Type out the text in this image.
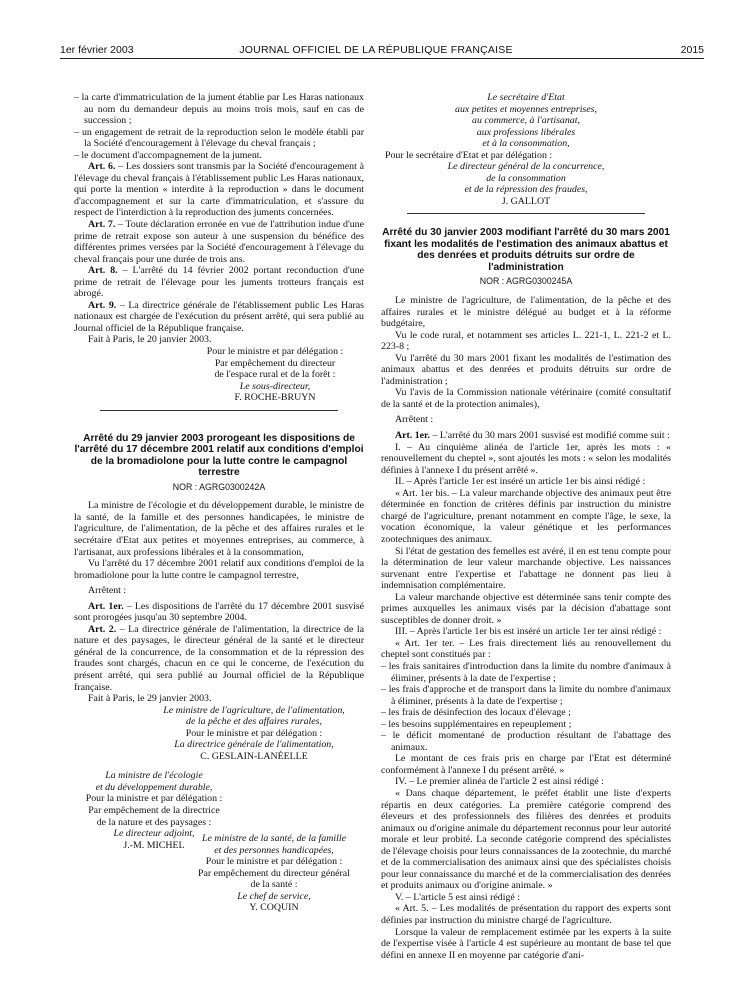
1er février 2003	JOURNAL OFFICIEL DE LA RÉPUBLIQUE FRANÇAISE	2015

– la carte d'immatriculation de la jument établie par Les Haras nationaux au nom du demandeur depuis au moins trois mois, sauf en cas de succession ;

– un engagement de retrait de la reproduction selon le modèle établi par la Société d'encouragement à l'élevage du cheval français ;

– le document d'accompagnement de la jument.

Art. 6. – Les dossiers sont transmis par la Société d'encouragement à l'élevage du cheval français à l'établissement public Les Haras nationaux, qui porte la mention « interdite à la reproduction » dans le document d'accompagnement et sur la carte d'immatriculation, et s'assure du respect de l'interdiction à la reproduction des juments concernées.

Art. 7. – Toute déclaration erronée en vue de l'attribution indue d'une prime de retrait expose son auteur à une suspension du bénéfice des différentes primes versées par la Société d'encouragement à l'élevage du cheval français pour une durée de trois ans.

Art. 8. – L'arrêté du 14 février 2002 portant reconduction d'une prime de retrait de l'élevage pour les juments trotteurs français est abrogé.

Art. 9. – La directrice générale de l'établissement public Les Haras nationaux est chargée de l'exécution du présent arrêté, qui sera publié au Journal officiel de la République française.

Fait à Paris, le 20 janvier 2003.

Pour le ministre et par délégation :

Par empêchement du directeur

de l'espace rural et de la forêt :

Le sous-directeur,

F. ROCHE-BRUYN

Arrêté du 29 janvier 2003 prorogeant les dispositions de l'arrêté du 17 décembre 2001 relatif aux conditions d'emploi de la bromadiolone pour la lutte contre le campagnol terrestre

NOR : AGRG0300242A

La ministre de l'écologie et du développement durable, le ministre de la santé, de la famille et des personnes handicapées, le ministre de l'agriculture, de l'alimentation, de la pêche et des affaires rurales et le secrétaire d'Etat aux petites et moyennes entreprises, au commerce, à l'artisanat, aux professions libérales et à la consommation,

Vu l'arrêté du 17 décembre 2001 relatif aux conditions d'emploi de la bromadiolone pour la lutte contre le campagnol terrestre,

Arrêtent :

Art. 1er. – Les dispositions de l'arrêté du 17 décembre 2001 susvisé sont prorogées jusqu'au 30 septembre 2004.

Art. 2. – La directrice générale de l'alimentation, la directrice de la nature et des paysages, le directeur général de la santé et le directeur général de la concurrence, de la consommation et de la répression des fraudes sont chargés, chacun en ce qui le concerne, de l'exécution du présent arrêté, qui sera publié au Journal officiel de la République française.

Fait à Paris, le 29 janvier 2003.

Le ministre de l'agriculture, de l'alimentation,

de la pêche et des affaires rurales,

Pour le ministre et par délégation :

La directrice générale de l'alimentation,

C. GESLAIN-LANÉELLE

La ministre de l'écologie

et du développement durable,

Pour la ministre et par délégation :

Par empêchement de la directrice

de la nature et des paysages :

Le directeur adjoint,

J.-M. MICHEL

Le ministre de la santé, de la famille

et des personnes handicapées,

Pour le ministre et par délégation :

Par empêchement du directeur général

de la santé :

Le chef de service,

Y. COQUIN

Le secrétaire d'Etat

aux petites et moyennes entreprises,

au commerce, à l'artisanat,

aux professions libérales

et à la consommation,

Pour le secrétaire d'Etat et par délégation :

Le directeur général de la concurrence,

de la consommation

et de la répression des fraudes,

J. GALLOT

Arrêté du 30 janvier 2003 modifiant l'arrêté du 30 mars 2001 fixant les modalités de l'estimation des animaux abattus et des denrées et produits détruits sur ordre de l'administration

NOR : AGRG0300245A

Le ministre de l'agriculture, de l'alimentation, de la pêche et des affaires rurales et le ministre délégué au budget et à la réforme budgétaire,

Vu le code rural, et notamment ses articles L. 221-1, L. 221-2 et L. 223-8 ;

Vu l'arrêté du 30 mars 2001 fixant les modalités de l'estimation des animaux abattus et des denrées et produits détruits sur ordre de l'administration ;

Vu l'avis de la Commission nationale vétérinaire (comité consultatif de la santé et de la protection animales),

Arrêtent :

Art. 1er. – L'arrêté du 30 mars 2001 susvisé est modifié comme suit :

I. – Au cinquième alinéa de l'article 1er, après les mots : « renouvellement du cheptel », sont ajoutés les mots : « selon les modalités définies à l'annexe I du présent arrêté ».

II. – Après l'article 1er est inséré un article 1er bis ainsi rédigé :

« Art. 1er bis. – La valeur marchande objective des animaux peut être déterminée en fonction de critères définis par instruction du ministre chargé de l'agriculture, prenant notamment en compte l'âge, le sexe, la vocation économique, la valeur génétique et les performances zootechniques des animaux.

Si l'état de gestation des femelles est avéré, il en est tenu compte pour la détermination de leur valeur marchande objective. Les naissances survenant entre l'expertise et l'abattage ne donnent pas lieu à indemnisation complémentaire.

La valeur marchande objective est déterminée sans tenir compte des primes auxquelles les animaux visés par la décision d'abattage sont susceptibles de donner droit. »

III. – Après l'article 1er bis est inséré un article 1er ter ainsi rédigé :

« Art. 1er ter. – Les frais directement liés au renouvellement du cheptel sont constitués par :

– les frais sanitaires d'introduction dans la limite du nombre d'animaux à éliminer, présents à la date de l'expertise ;

– les frais d'approche et de transport dans la limite du nombre d'animaux à éliminer, présents à la date de l'expertise ;

– les frais de désinfection des locaux d'élevage ;

– les besoins supplémentaires en repeuplement ;

– le déficit momentané de production résultant de l'abattage des animaux.

Le montant de ces frais pris en charge par l'Etat est déterminé conformément à l'annexe I du présent arrêté. »

IV. – Le premier alinéa de l'article 2 est ainsi rédigé :

« Dans chaque département, le préfet établit une liste d'experts répartis en deux catégories. La première catégorie comprend des éleveurs et des professionnels des filières des denrées et produits animaux ou d'origine animale du département reconnus pour leur autorité morale et leur probité. La seconde catégorie comprend des spécialistes de l'élevage choisis pour leurs connaissances de la zootechnie, du marché et de la commercialisation des animaux ainsi que des spécialistes choisis pour leur connaissance du marché et de la commercialisation des denrées et produits animaux ou d'origine animale. »

V. – L'article 5 est ainsi rédigé :

« Art. 5. – Les modalités de présentation du rapport des experts sont définies par instruction du ministre chargé de l'agriculture.

Lorsque la valeur de remplacement estimée par les experts à la suite de l'expertise visée à l'article 4 est supérieure au montant de base tel que défini en annexe II en moyenne par catégorie d'ani-
